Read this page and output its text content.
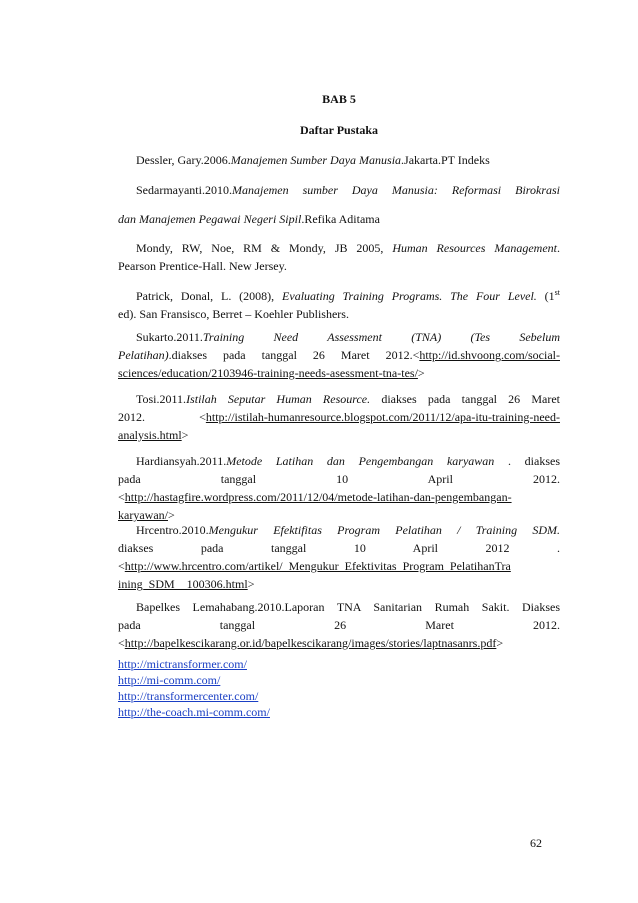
BAB 5
Daftar Pustaka
Dessler, Gary.2006.Manajemen Sumber Daya Manusia.Jakarta.PT Indeks
Sedarmayanti.2010.Manajemen sumber Daya Manusia: Reformasi Birokrasi
dan Manajemen Pegawai Negeri Sipil.Refika Aditama
Mondy, RW, Noe, RM & Mondy, JB 2005, Human Resources Management.
Pearson Prentice-Hall. New Jersey.
Patrick, Donal, L. (2008), Evaluating Training Programs. The Four Level. (1st
ed). San Fransisco, Berret – Koehler Publishers.
Sukarto.2011.Training Need Assessment (TNA) (Tes Sebelum
Pelatihan).diakses pada tanggal 26 Maret 2012.<http://id.shvoong.com/social-
sciences/education/2103946-training-needs-asessment-tna-tes/>
Tosi.2011.Istilah Seputar Human Resource. diakses pada tanggal 26 Maret
2012.        <http://istilah-humanresource.blogspot.com/2011/12/apa-itu-training-need-
analysis.html>
Hardiansyah.2011.Metode Latihan dan Pengembangan karyawan . diakses
pada tanggal 10 April 2012.
<http://hastagfire.wordpress.com/2011/12/04/metode-latihan-dan-pengembangan-
karyawan/>
Hrcentro.2010.Mengukur Efektifitas Program Pelatihan / Training SDM.
diakses pada tanggal 10 April 2012 .
<http://www.hrcentro.com/artikel/_Mengukur_Efektivitas_Program_PelatihanTra
ining_SDM__100306.html>
Bapelkes Lemahabang.2010.Laporan TNA Sanitarian Rumah Sakit. Diakses
pada tanggal 26 Maret 2012.
<http://bapelkescikarang.or.id/bapelkescikarang/images/stories/laptnasanrs.pdf>
http://mictransformer.com/
http://mi-comm.com/
http://transformercenter.com/
http://the-coach.mi-comm.com/
62
